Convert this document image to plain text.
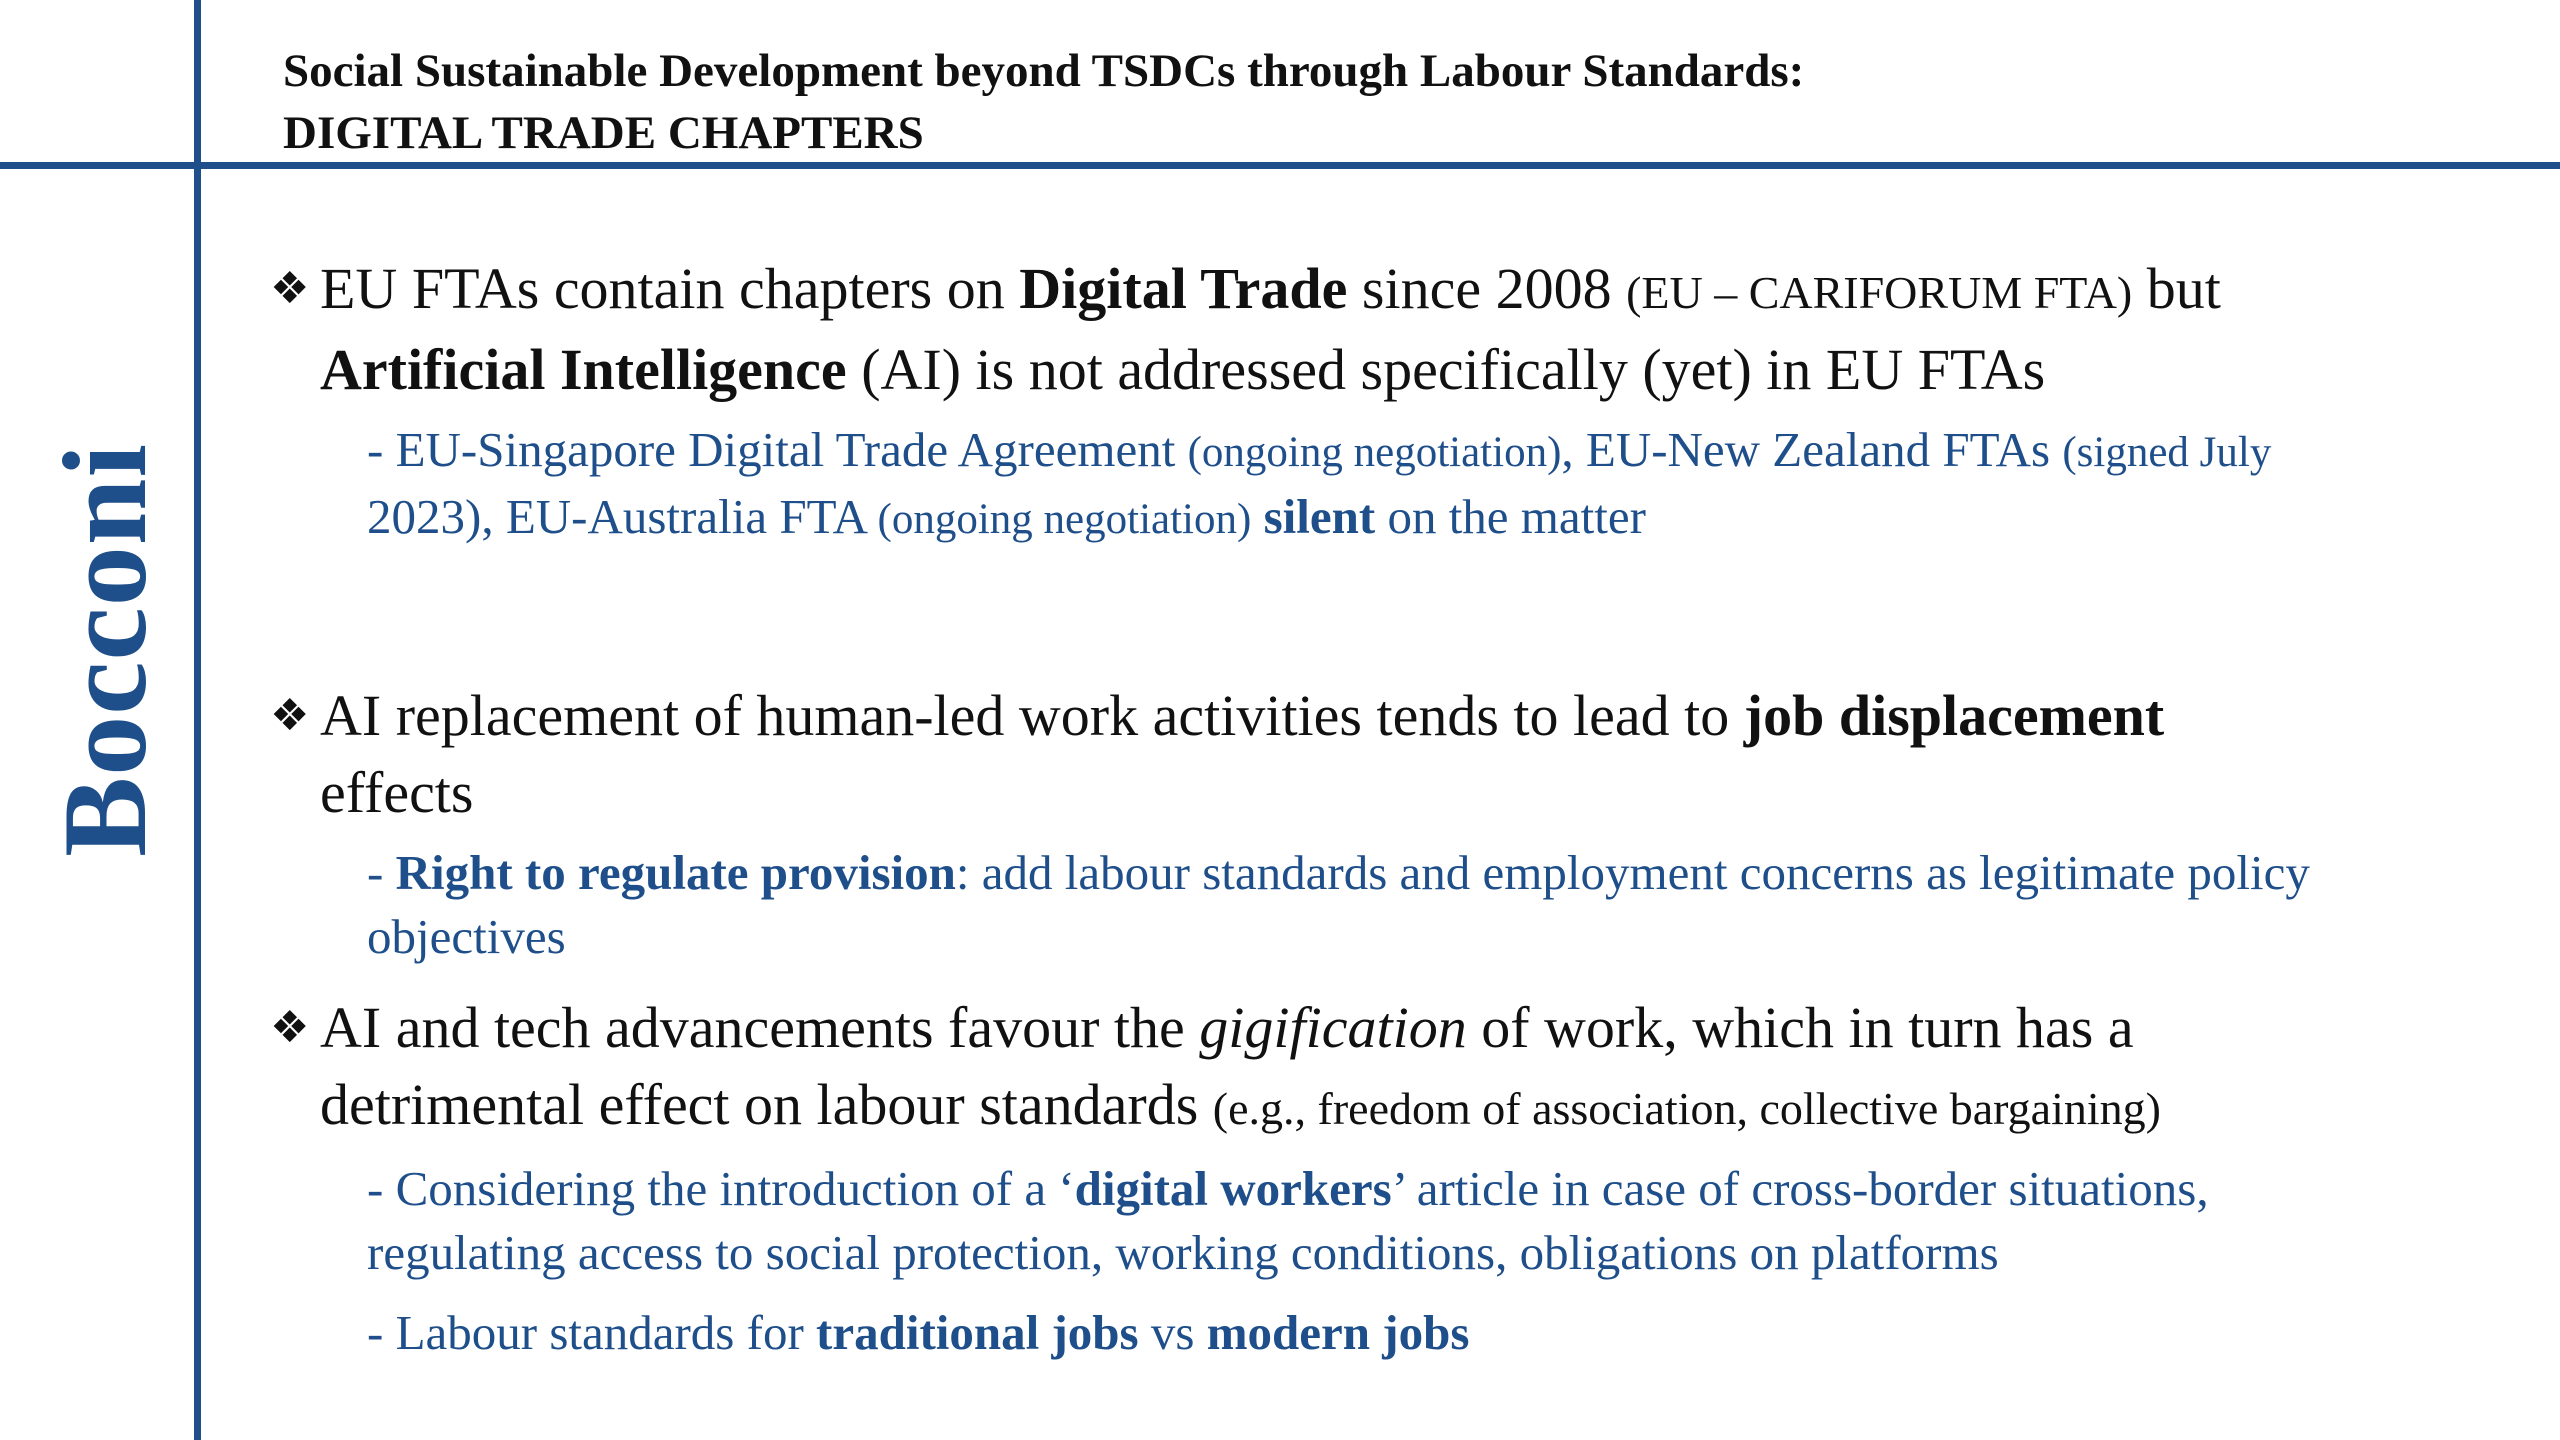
Social Sustainable Development beyond TSDCs through Labour Standards:
DIGITAL TRADE CHAPTERS
Bocconi
❖ EU FTAs contain chapters on Digital Trade since 2008 (EU – CARIFORUM FTA) but
Artificial Intelligence (AI) is not addressed specifically (yet) in EU FTAs
- EU-Singapore Digital Trade Agreement (ongoing negotiation), EU-New Zealand FTAs (signed July
2023), EU-Australia FTA (ongoing negotiation) silent on the matter
❖ AI replacement of human-led work activities tends to lead to job displacement
effects
- Right to regulate provision: add labour standards and employment concerns as legitimate policy
objectives
❖ AI and tech advancements favour the gigification of work, which in turn has a
detrimental effect on labour standards (e.g., freedom of association, collective bargaining)
- Considering the introduction of a ‘digital workers’ article in case of cross-border situations,
regulating access to social protection, working conditions, obligations on platforms
- Labour standards for traditional jobs vs modern jobs
